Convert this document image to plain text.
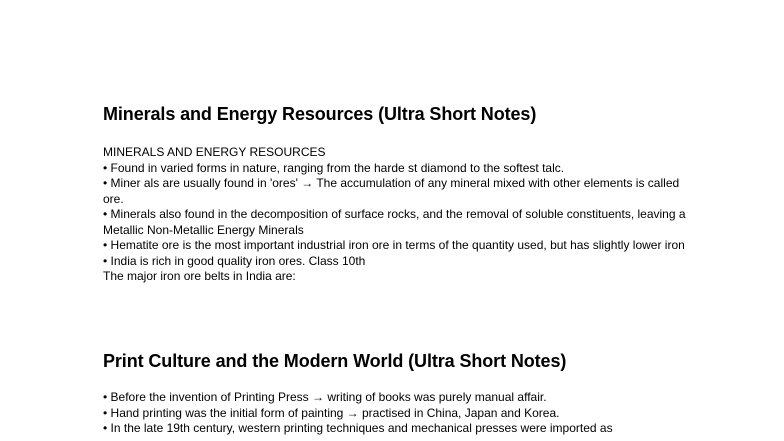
Minerals and Energy Resources (Ultra Short Notes)
MINERALS AND ENERGY RESOURCES
• Found in varied forms in nature, ranging from the harde st diamond to the softest talc.
• Miner als are usually found in 'ores' → The accumulation of any mineral mixed with other elements is called ore.
• Minerals also found in the decomposition of surface rocks, and the removal of soluble constituents, leaving a
Metallic Non-Metallic Energy Minerals
• Hematite ore is the most important industrial iron ore in terms of the quantity used, but has slightly lower iron
• India is rich in good quality iron ores. Class 10th
The major iron ore belts in India are:
Print Culture and the Modern World (Ultra Short Notes)
• Before the invention of Printing Press → writing of books was purely manual affair.
• Hand printing was the initial form of painting → practised in China, Japan and Korea.
• In the late 19th century, western printing techniques and mechanical presses were imported as
